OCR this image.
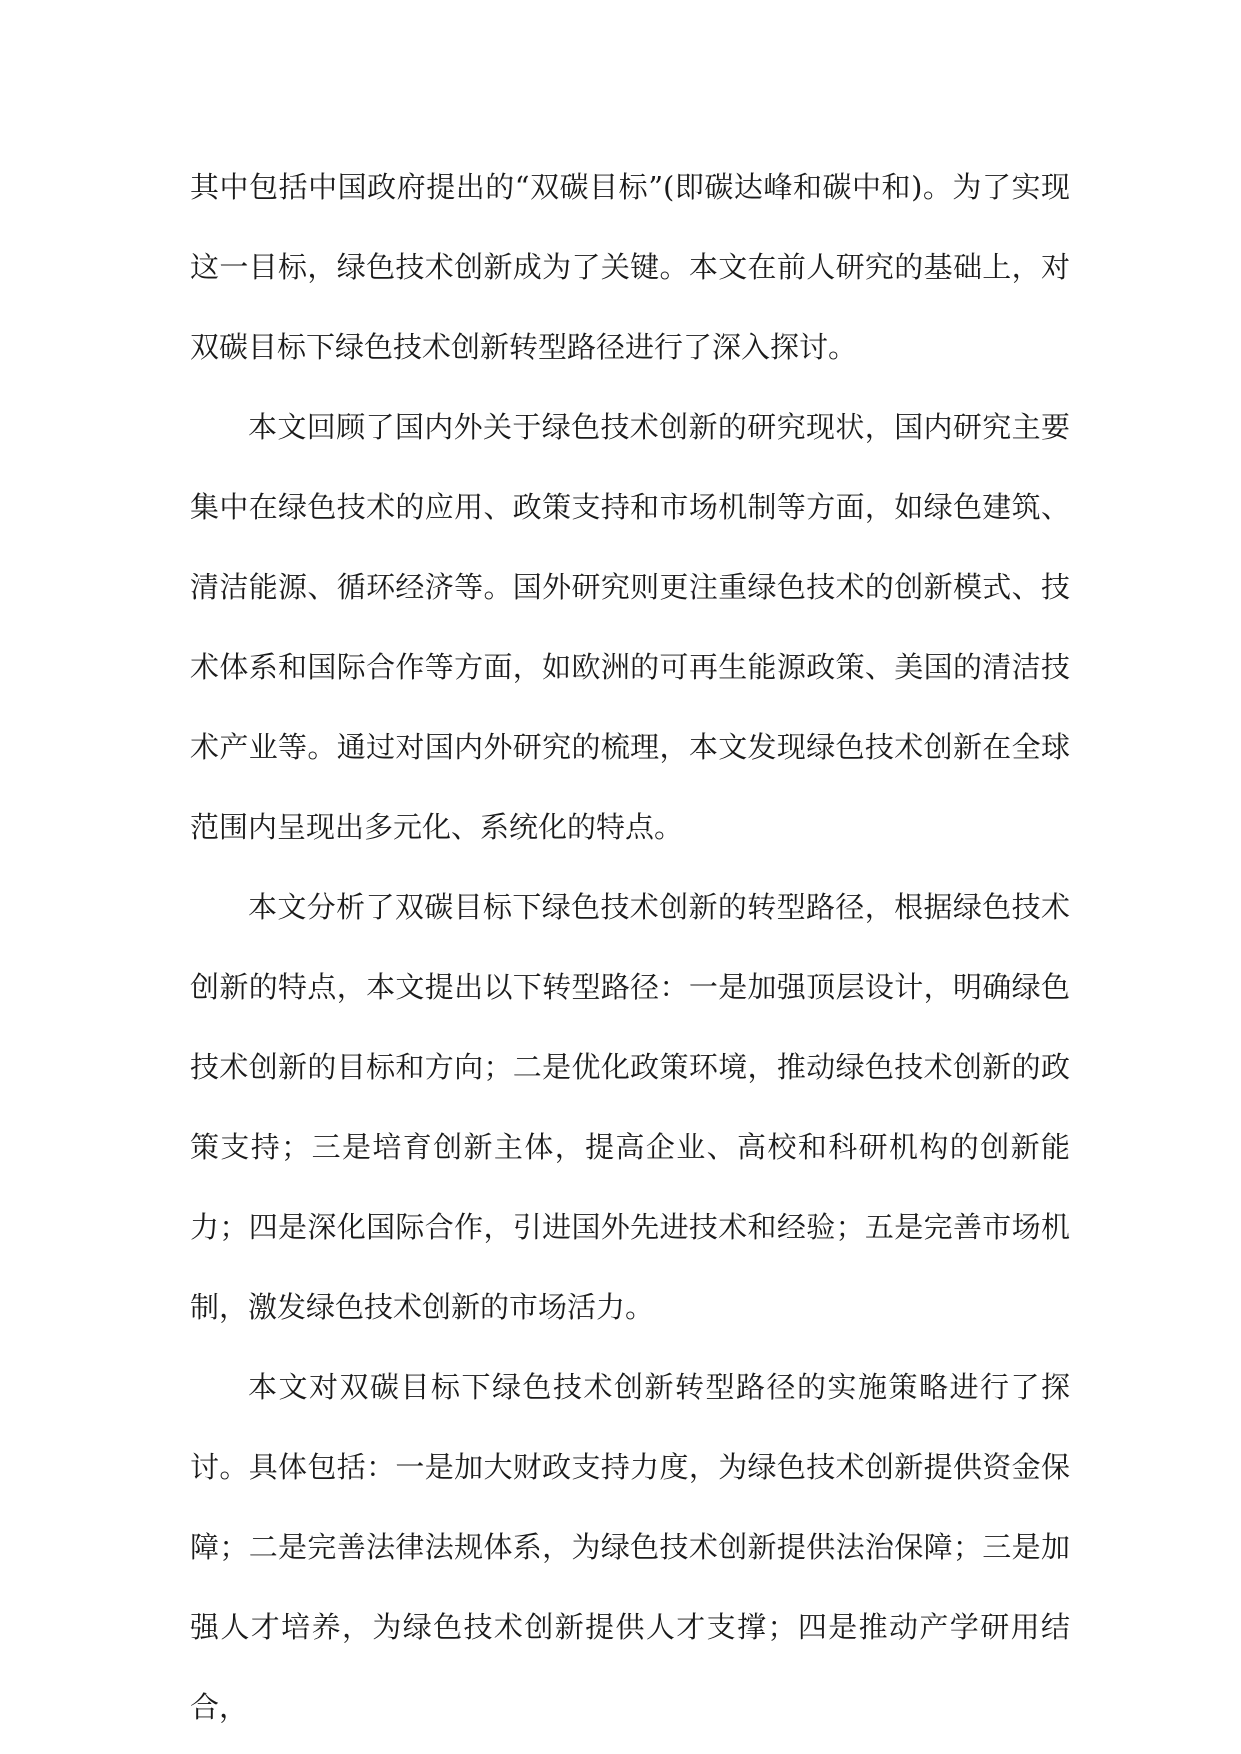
其中包括中国政府提出的“双碳目标”(即碳达峰和碳中和)。为了实现这一目标，绿色技术创新成为了关键。本文在前人研究的基础上，对双碳目标下绿色技术创新转型路径进行了深入探讨。

本文回顾了国内外关于绿色技术创新的研究现状，国内研究主要集中在绿色技术的应用、政策支持和市场机制等方面，如绿色建筑、清洁能源、循环经济等。国外研究则更注重绿色技术的创新模式、技术体系和国际合作等方面，如欧洲的可再生能源政策、美国的清洁技术产业等。通过对国内外研究的梳理，本文发现绿色技术创新在全球范围内呈现出多元化、系统化的特点。

本文分析了双碳目标下绿色技术创新的转型路径，根据绿色技术创新的特点，本文提出以下转型路径：一是加强顶层设计，明确绿色技术创新的目标和方向；二是优化政策环境，推动绿色技术创新的政策支持；三是培育创新主体，提高企业、高校和科研机构的创新能力；四是深化国际合作，引进国外先进技术和经验；五是完善市场机制，激发绿色技术创新的市场活力。

本文对双碳目标下绿色技术创新转型路径的实施策略进行了探讨。具体包括：一是加大财政支持力度，为绿色技术创新提供资金保障；二是完善法律法规体系，为绿色技术创新提供法治保障；三是加强人才培养，为绿色技术创新提供人才支撑；四是推动产学研用结合，
